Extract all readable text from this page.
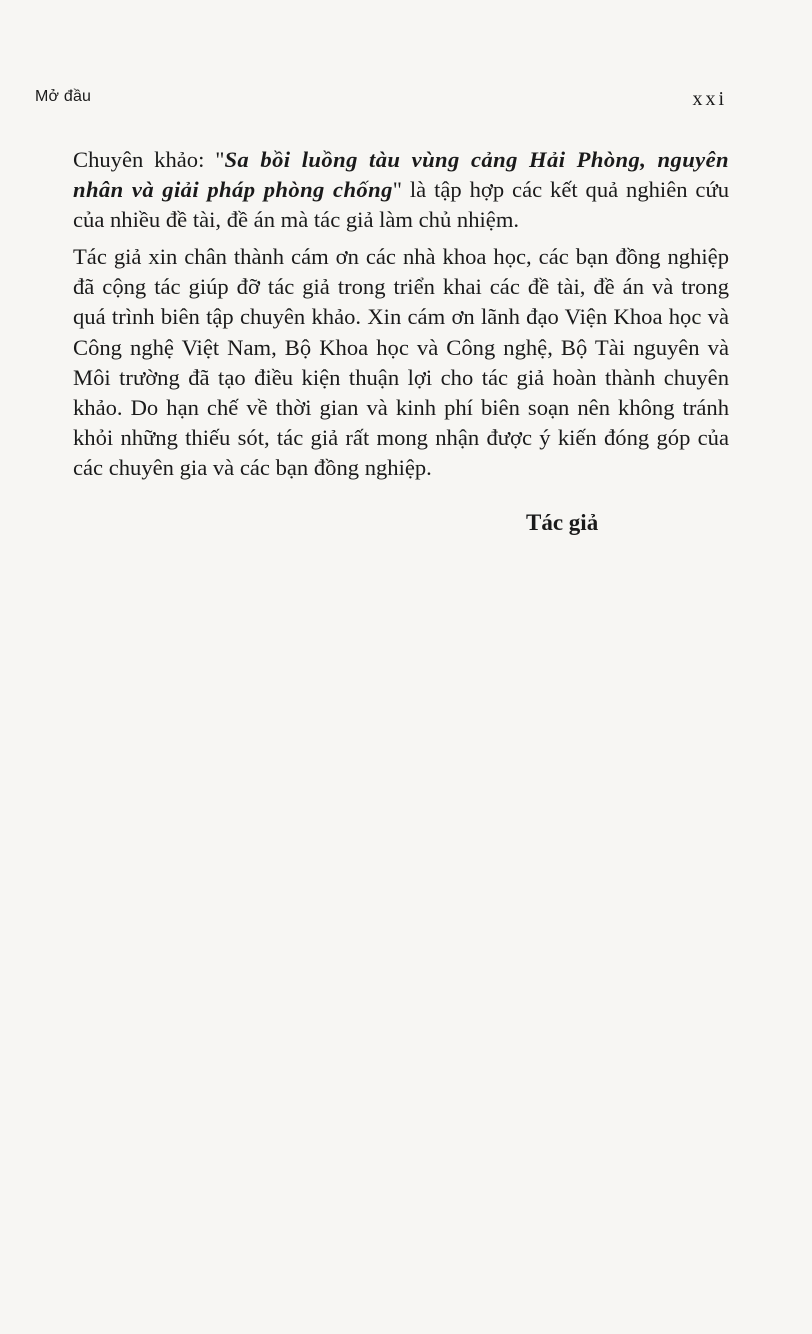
Mở đầu	xxi

Chuyên khảo: "Sa bồi luồng tàu vùng cảng Hải Phòng, nguyên nhân và giải pháp phòng chống" là tập hợp các kết quả nghiên cứu của nhiều đề tài, đề án mà tác giả làm chủ nhiệm.

Tác giả xin chân thành cám ơn các nhà khoa học, các bạn đồng nghiệp đã cộng tác giúp đỡ tác giả trong triển khai các đề tài, đề án và trong quá trình biên tập chuyên khảo. Xin cám ơn lãnh đạo Viện Khoa học và Công nghệ Việt Nam, Bộ Khoa học và Công nghệ, Bộ Tài nguyên và Môi trường đã tạo điều kiện thuận lợi cho tác giả hoàn thành chuyên khảo. Do hạn chế về thời gian và kinh phí biên soạn nên không tránh khỏi những thiếu sót, tác giả rất mong nhận được ý kiến đóng góp của các chuyên gia và các bạn đồng nghiệp.

Tác giả
